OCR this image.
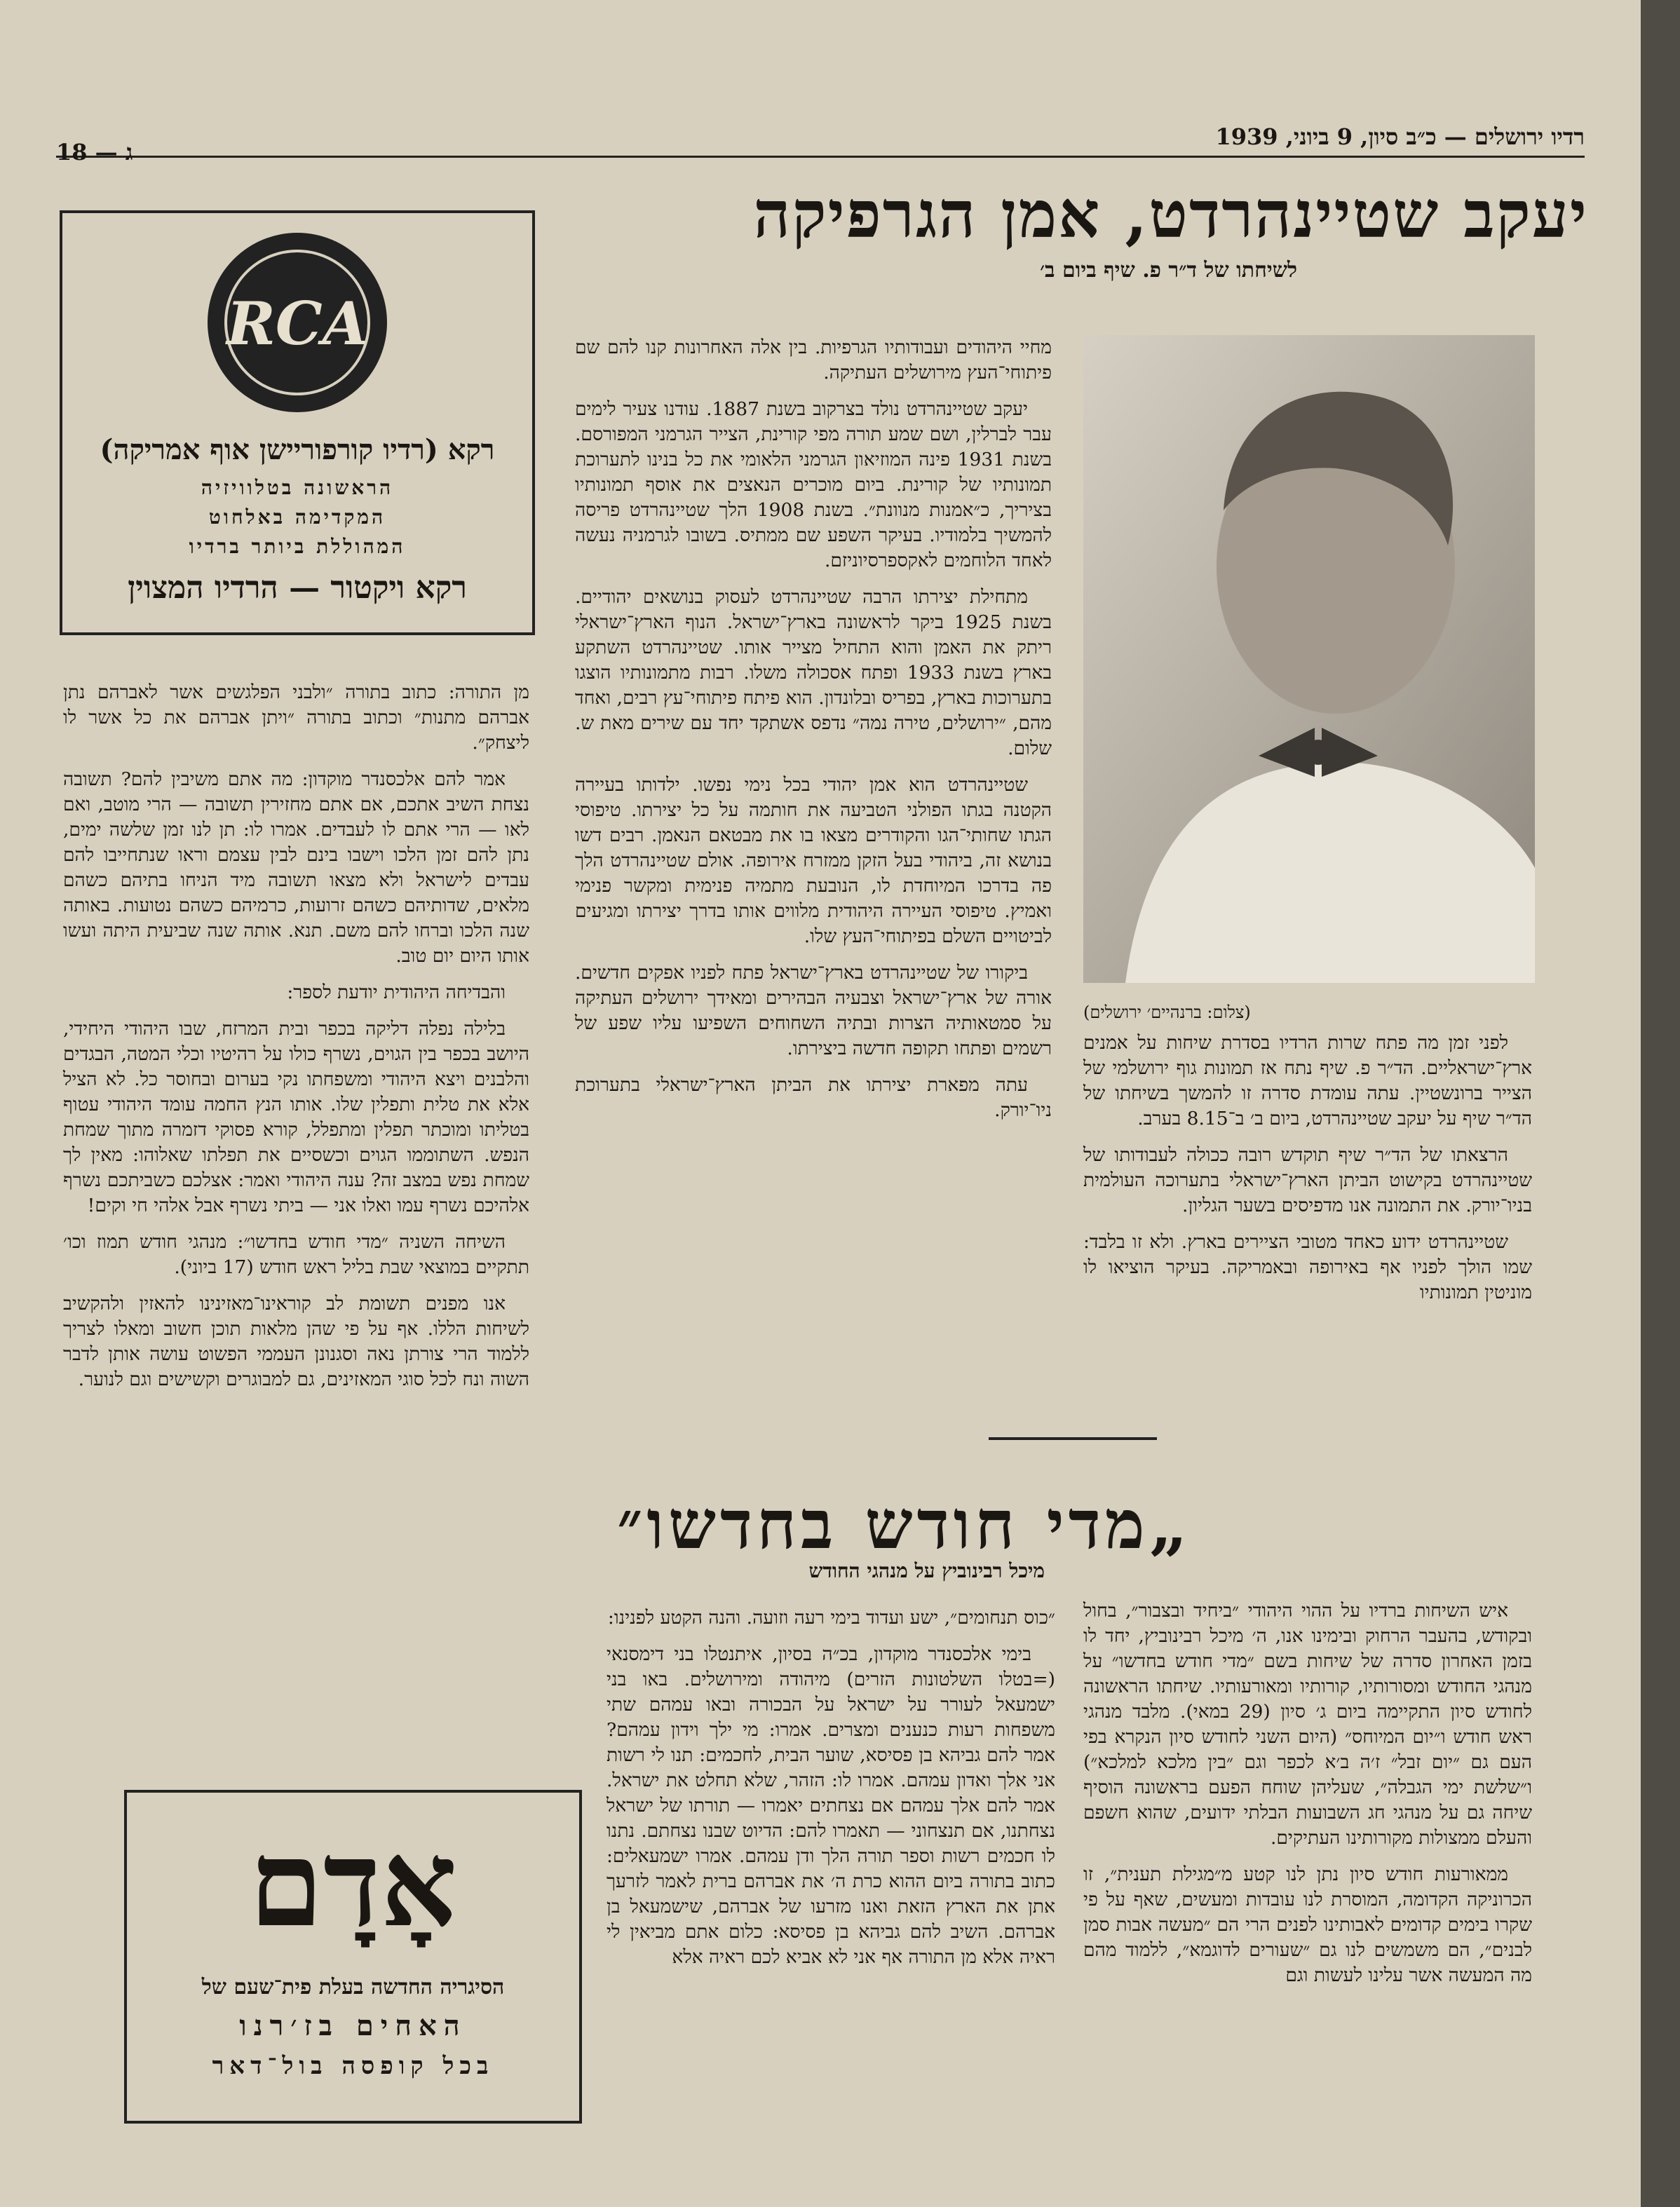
רדיו ירושלים — כ״ב סיון, 9 ביוני, 1939
ג — 18
יעקב שטיינהרדט, אמן הגרפיקה
לשיחתו של ד״ר פ. שיף ביום ב׳
(צלום: ברנהיים׳ ירושלים)

לפני זמן מה פתח שרות הרדיו בסדרת שיחות על אמנים ארץ־ישראליים. הד״ר פ. שיף נתח אז תמונות גוף ירושלמי של הצייר ברונשטיין. עתה עומדת סדרה זו להמשך בשיחתו של הד״ר שיף על יעקב שטיינהרדט, ביום ב׳ ב־8.15 בערב.

הרצאתו של הד״ר שיף תוקדש רובה ככולה לעבודותו של שטיינהרדט בקישוט הביתן הארץ־ישראלי בתערוכה העולמית בניו־יורק. את התמונה אנו מדפיסים בשער הגליון.

שטיינהרדט ידוע כאחד מטובי הציירים בארץ. ולא זו בלבד: שמו הולך לפניו אף באירופה ובאמריקה. בעיקר הוציאו לו מוניטין תמונותיו

מחיי היהודים ועבודותיו הגרפיות. בין אלה האחרונות קנו להם שם פיתוחי־העץ מירושלים העתיקה.

יעקב שטיינהרדט נולד בצרקוב בשנת 1887. עודנו צעיר לימים עבר לברלין, ושם שמע תורה מפי קורינת, הצייר הגרמני המפורסם. בשנת 1931 פינה המוזיאון הגרמני הלאומי את כל בנינו לתערוכת תמונותיו של קורינת. ביום מוכרים הנאצים את אוסף תמונותיו בציריך, כ״אמנות מנוונת״. בשנת 1908 הלך שטיינהרדט פריסה להמשיך בלמודיו. בעיקר השפע שם ממתיס. בשובו לגרמניה נעשה לאחד הלוחמים לאקספרסיוניזם.

מתחילת יצירתו הרבה שטיינהרדט לעסוק בנושאים יהודיים. בשנת 1925 ביקר לראשונה בארץ־ישראל. הנוף הארץ־ישראלי ריתק את האמן והוא התחיל מצייר אותו. שטיינהרדט השתקע בארץ בשנת 1933 ופתח אסכולה משלו. רבות מתמונותיו הוצגו בתערוכות בארץ, בפריס ובלונדון. הוא פיתח פיתוחי־עץ רבים, ואחד מהם, ״ירושלים, טירה נמה״ נדפס אשתקד יחד עם שירים מאת ש. שלום.

שטיינהרדט הוא אמן יהודי בכל נימי נפשו. ילדותו בעיירה הקטנה בגתו הפולני הטביעה את חותמה על כל יצירתו. טיפוסי הגתו שחותי־הגו והקודרים מצאו בו את מבטאם הנאמן. רבים דשו בנושא זה, ביהודי בעל הזקן ממזרח אירופה. אולם שטיינהרדט הלך פה בדרכו המיוחדת לו, הנובעת מתמיה פנימית ומקשר פנימי ואמיץ. טיפוסי העיירה היהודית מלווים אותו בדרך יצירתו ומגיעים לביטויים השלם בפיתוחי־העץ שלו.

ביקורו של שטיינהרדט בארץ־ישראל פתח לפניו אפקים חדשים. אורה של ארץ־ישראל וצבעיה הבהירים ומאידך ירושלים העתיקה על סמטאותיה הצרות ובתיה השחוחים השפיעו עליו שפע של רשמים ופתחו תקופה חדשה ביצירתו.

עתה מפארת יצירתו את הביתן הארץ־ישראלי בתערוכת ניו־יורק.

RCA
רקא (רדיו קורפוריישן אוף אמריקה)
הראשונה בטלוויזיה
המקדימה באלחוט
המהוללת ביותר ברדיו
רקא ויקטור — הרדיו המצוין

מן התורה: כתוב בתורה ״ולבני הפלגשים אשר לאברהם נתן אברהם מתנות״ וכתוב בתורה ״ויתן אברהם את כל אשר לו ליצחק״.

אמר להם אלכסנדר מוקדון: מה אתם משיבין להם? תשובה נצחת השיב אתכם, אם אתם מחזירין תשובה — הרי מוטב, ואם לאו — הרי אתם לו לעבדים. אמרו לו: תן לנו זמן שלשה ימים, נתן להם זמן הלכו וישבו בינם לבין עצמם וראו שנתחייבו להם עבדים לישראל ולא מצאו תשובה מיד הניחו בתיהם כשהם מלאים, שדותיהם כשהם זרועות, כרמיהם כשהם נטועות. באותה שנה הלכו וברחו להם משם. תנא. אותה שנה שביעית היתה ועשו אותו היום יום טוב.

והבדיחה היהודית יודעת לספר:

בלילה נפלה דליקה בכפר ובית המרזח, שבו היהודי היחידי, היושב בכפר בין הגוים, נשרף כולו על רהיטיו וכלי המטה, הבגדים והלבנים ויצא היהודי ומשפחתו נקי בערום ובחוסר כל. לא הציל אלא את טלית ותפלין שלו. אותו הנץ החמה עומד היהודי עטוף בטליתו ומוכתר תפלין ומתפלל, קורא פסוקי דזמרה מתוך שמחת הנפש. השתוממו הגוים וכשסיים את תפלתו שאלוהו: מאין לך שמחת נפש במצב זה? ענה היהודי ואמר: אצלכם כשביתכם נשרף אלהיכם נשרף עמו ואלו אני — ביתי נשרף אבל אלהי חי וקים!

השיחה השניה ״מדי חודש בחדשו״: מנהגי חודש תמוז וכו׳ תתקיים במוצאי שבת בליל ראש חודש (17 ביוני).

אנו מפנים תשומת לב קוראינו־מאזינינו להאזין ולהקשיב לשיחות הללו. אף על פי שהן מלאות תוכן חשוב ומאלו לצריך ללמוד הרי צורתן נאה וסגנונן העממי הפשוט עושה אותן לדבר השוה ונח לכל סוגי המאזינים, גם למבוגרים וקשישים וגם לנוער.

„מדי חודש בחדשו״
מיכל רבינוביץ על מנהגי החודש

איש השיחות ברדיו על ההוי היהודי ״ביחיד ובצבור״, בחול ובקודש, בהעבר הרחוק ובימינו אנו, ה׳ מיכל רבינוביץ, יחד לו בזמן האחרון סדרה של שיחות בשם ״מדי חודש בחדשו״ על מנהגי החודש ומסורותיו, קורותיו ומאורעותיו. שיחתו הראשונה לחודש סיון התקיימה ביום ג׳ סיון (29 במאי). מלבד מנהגי ראש חודש ו״יום המיוחס״ (היום השני לחודש סיון הנקרא בפי העם גם ״יום זבל״ ז׳ה ב׳א לכפר וגם ״בין מלכא למלכא״) ו״שלשת ימי הגבלה״, שעליהן שוחח הפעם בראשונה הוסיף שיחה גם על מנהגי חג השבועות הבלתי ידועים, שהוא חשפם והעלם ממצולות מקורותינו העתיקים.

ממאורעות חודש סיון נתן לנו קטע מ״מגילת תענית״, זו הכרוניקה הקדומה, המוסרת לנו עובדות ומעשים, שאף על פי שקרו בימים קדומים לאבותינו לפנים הרי הם ״מעשה אבות סמן לבנים״, הם משמשים לנו גם ״שעורים לדוגמא״, ללמוד מהם מה המעשה אשר עלינו לעשות וגם

״כוס תנחומים״, ישע ועדוד בימי רעה וזועה. והנה הקטע לפנינו:

בימי אלכסנדר מוקדון, בכ״ה בסיון, איתנטלו בני דימסנאי (=בטלו השלטונות הזרים) מיהודה ומירושלים. באו בני ישמעאל לעורר על ישראל על הבכורה ובאו עמהם שתי משפחות רעות כנענים ומצרים. אמרו: מי ילך וידון עמהם? אמר להם גביהא בן פסיסא, שוער הבית, לחכמים: תנו לי רשות אני אלך ואדון עמהם. אמרו לו: הזהר, שלא תחלט את ישראל. אמר להם אלך עמהם אם נצחתים יאמרו — תורתו של ישראל נצחתנו, אם תנצחוני — תאמרו להם: הדיוט שבנו נצחתם. נתנו לו חכמים רשות וספר תורה הלך ודן עמהם. אמרו ישמעאלים: כתוב בתורה ביום ההוא כרת ה׳ את אברהם ברית לאמר לזרעך אתן את הארץ הזאת ואנו מזרעו של אברהם, שישמעאל בן אברהם. השיב להם גביהא בן פסיסא: כלום אתם מביאין לי ראיה אלא מן התורה אף אני לא אביא לכם ראיה אלא

אָדָם
הסיגריה החדשה בעלת פית־שעם של
האחים בז׳רנו
בכל קופסה בול־דאר
